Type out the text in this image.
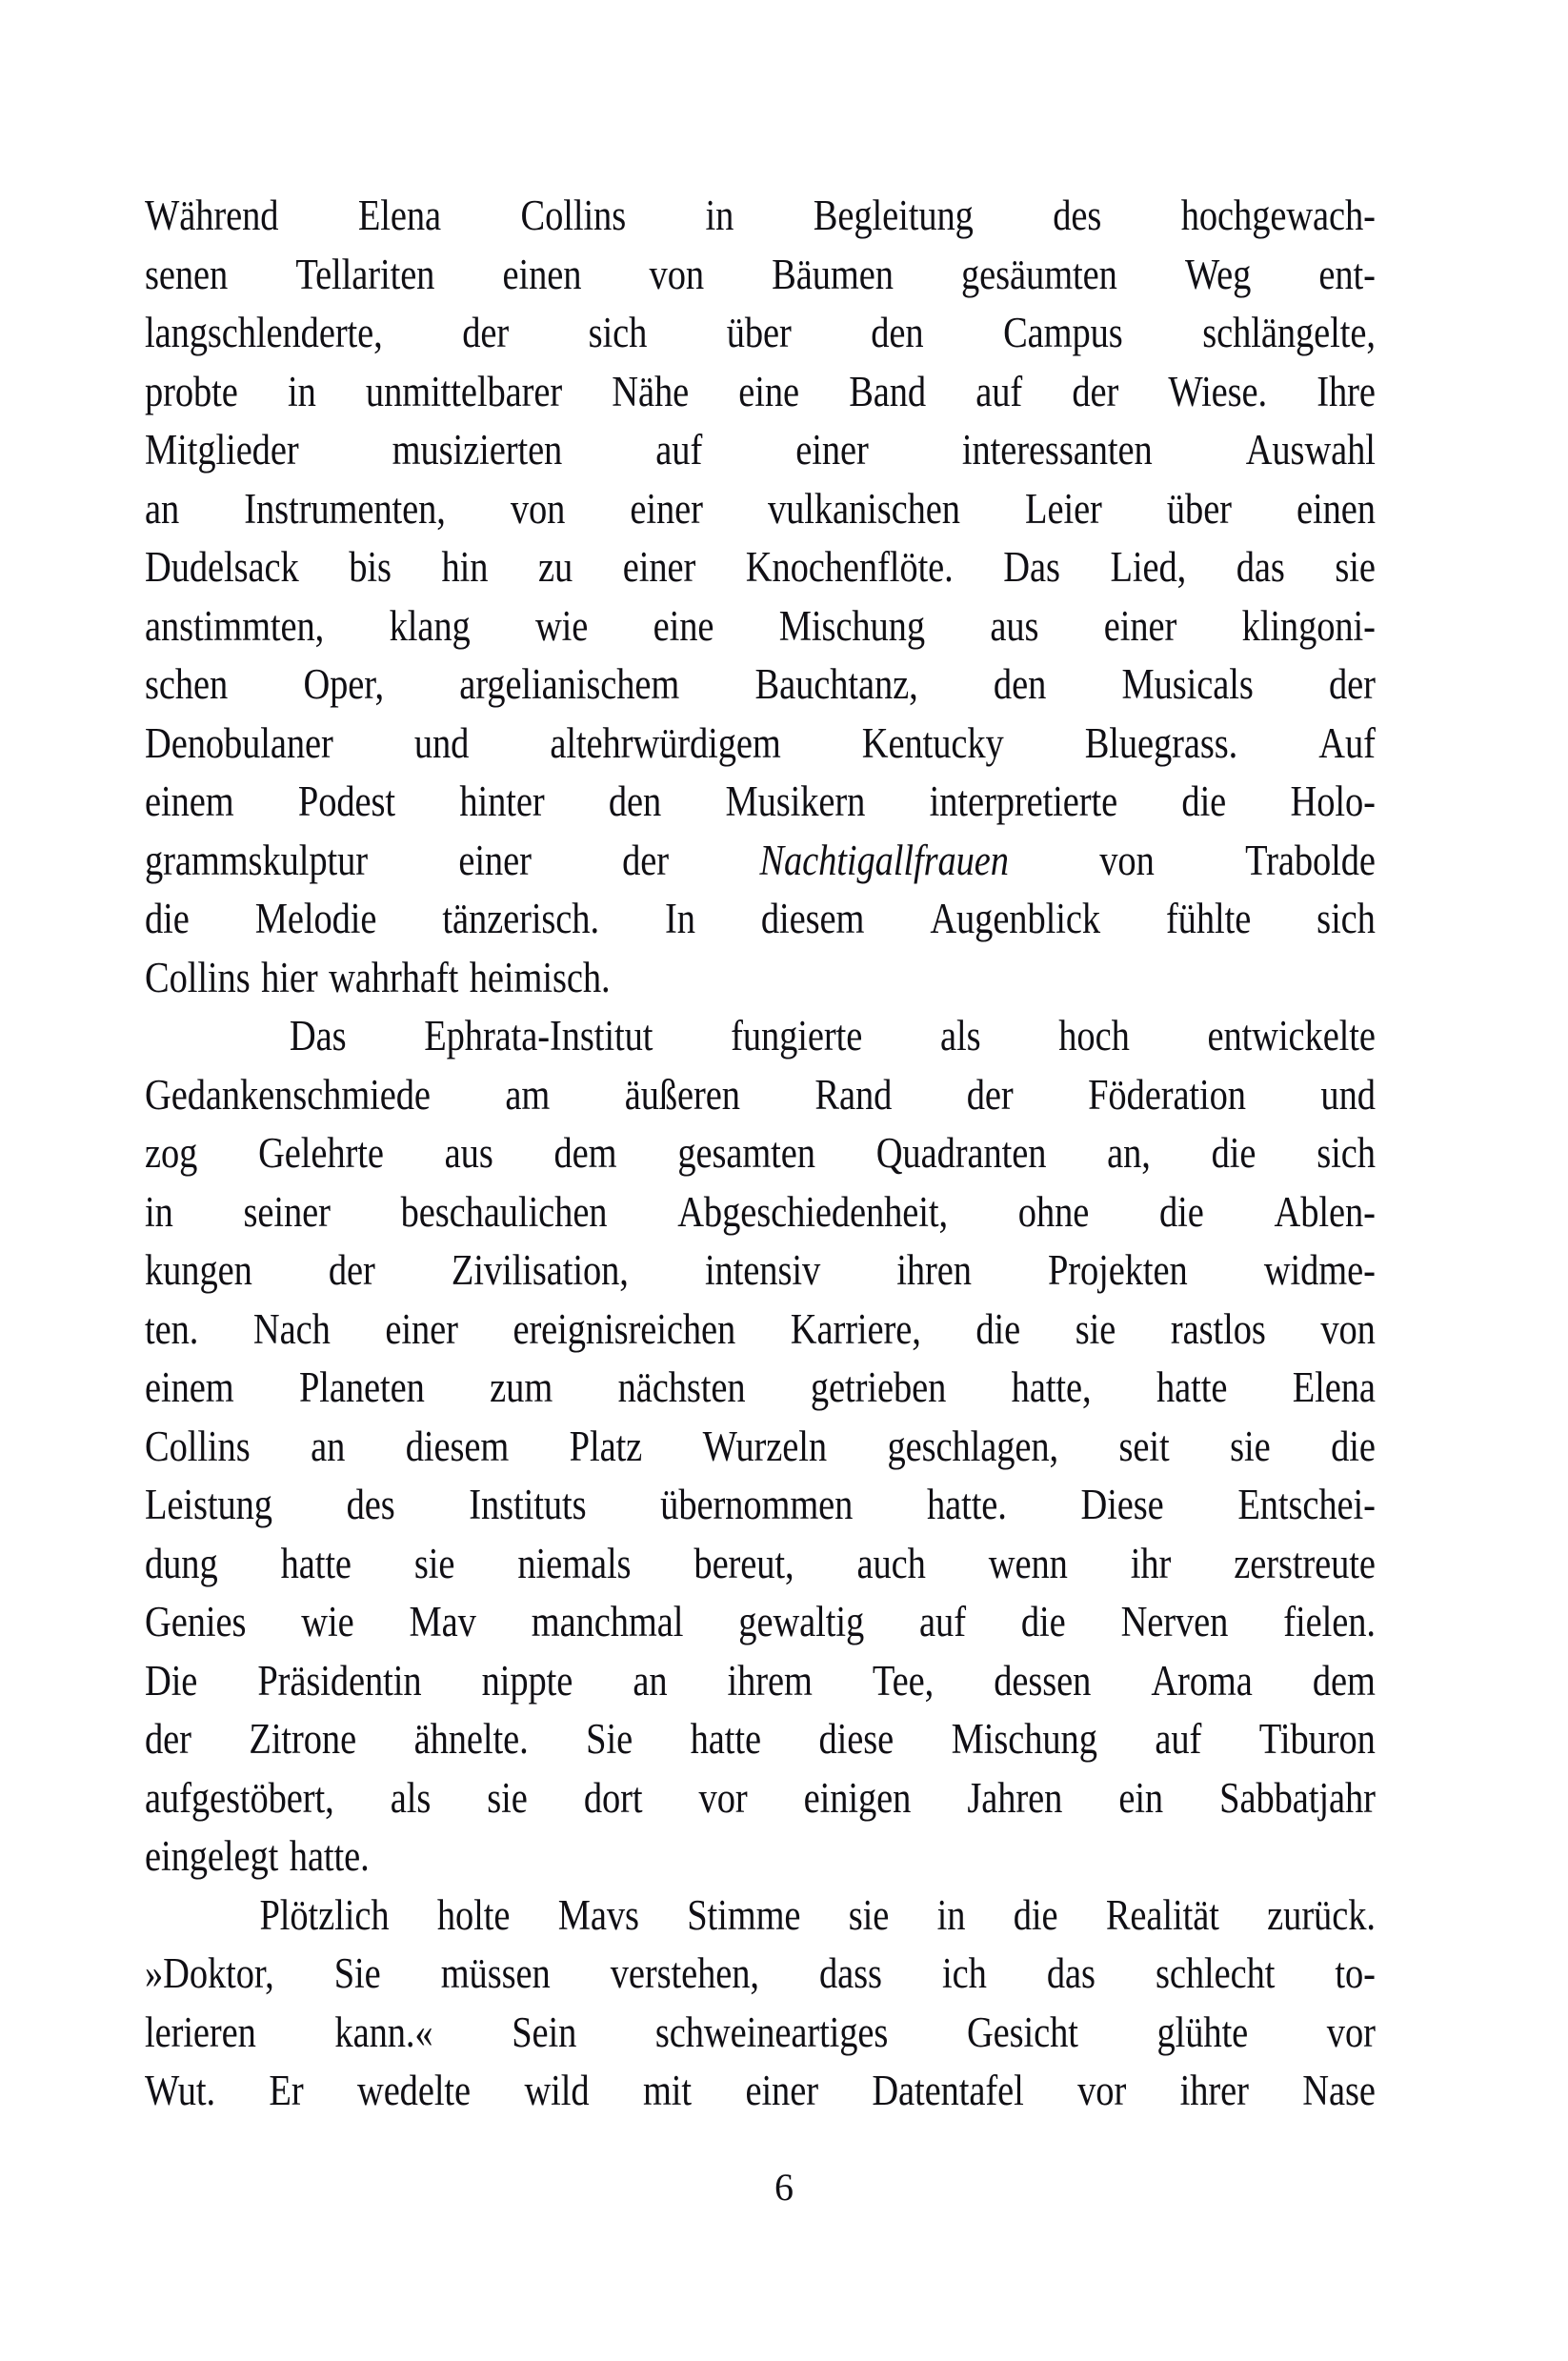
Während Elena Collins in Begleitung des hochgewach-
senen Tellariten einen von Bäumen gesäumten Weg ent-
langschlenderte, der sich über den Campus schlängelte,
probte in unmittelbarer Nähe eine Band auf der Wiese. Ihre
Mitglieder musizierten auf einer interessanten Auswahl
an Instrumenten, von einer vulkanischen Leier über einen
Dudelsack bis hin zu einer Knochenflöte. Das Lied, das sie
anstimmten, klang wie eine Mischung aus einer klingoni-
schen Oper, argelianischem Bauchtanz, den Musicals der
Denobulaner und altehrwürdigem Kentucky Bluegrass. Auf
einem Podest hinter den Musikern interpretierte die Holo-
grammskulptur einer der Nachtigallfrauen von Trabolde
die Melodie tänzerisch. In diesem Augenblick fühlte sich
Collins hier wahrhaft heimisch.
Das Ephrata-Institut fungierte als hoch entwickelte
Gedankenschmiede am äußeren Rand der Föderation und
zog Gelehrte aus dem gesamten Quadranten an, die sich
in seiner beschaulichen Abgeschiedenheit, ohne die Ablen-
kungen der Zivilisation, intensiv ihren Projekten widme-
ten. Nach einer ereignisreichen Karriere, die sie rastlos von
einem Planeten zum nächsten getrieben hatte, hatte Elena
Collins an diesem Platz Wurzeln geschlagen, seit sie die
Leistung des Instituts übernommen hatte. Diese Entschei-
dung hatte sie niemals bereut, auch wenn ihr zerstreute
Genies wie Mav manchmal gewaltig auf die Nerven fielen.
Die Präsidentin nippte an ihrem Tee, dessen Aroma dem
der Zitrone ähnelte. Sie hatte diese Mischung auf Tiburon
aufgestöbert, als sie dort vor einigen Jahren ein Sabbatjahr
eingelegt hatte.
Plötzlich holte Mavs Stimme sie in die Realität zurück.
»Doktor, Sie müssen verstehen, dass ich das schlecht to-
lerieren kann.« Sein schweineartiges Gesicht glühte vor
Wut. Er wedelte wild mit einer Datentafel vor ihrer Nase
6
